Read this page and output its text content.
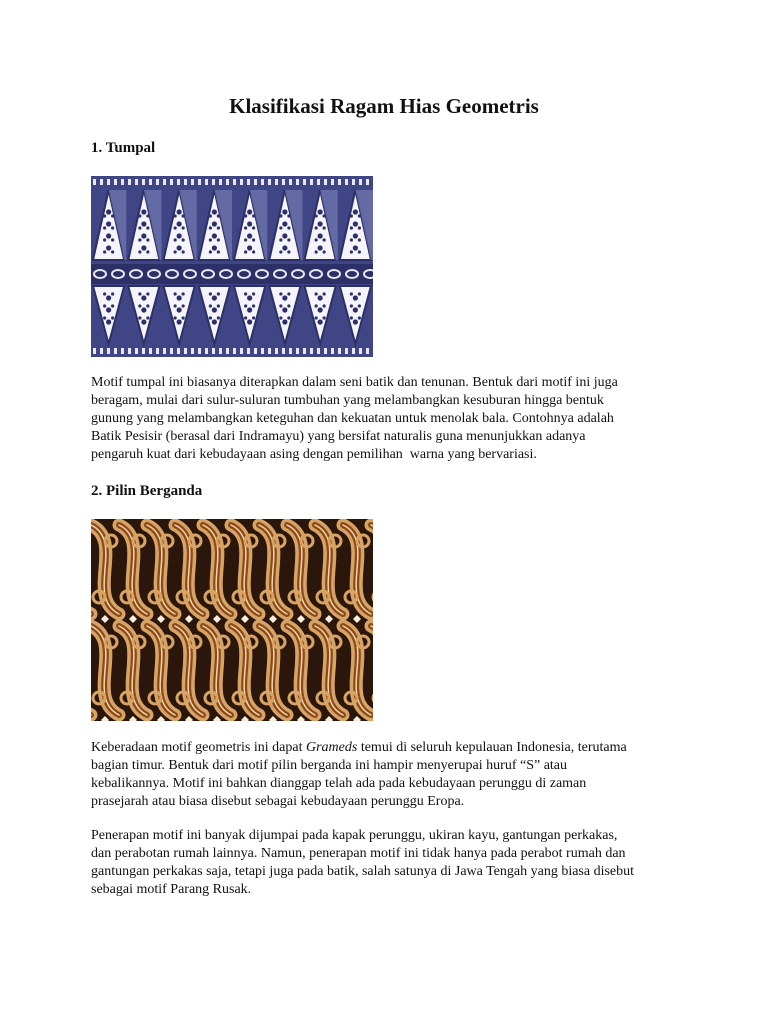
Klasifikasi Ragam Hias Geometris
1. Tumpal
Motif tumpal ini biasanya diterapkan dalam seni batik dan tenunan. Bentuk dari motif ini juga
beragam, mulai dari sulur-suluran tumbuhan yang melambangkan kesuburan hingga bentuk
gunung yang melambangkan keteguhan dan kekuatan untuk menolak bala. Contohnya adalah
Batik Pesisir (berasal dari Indramayu) yang bersifat naturalis guna menunjukkan adanya
pengaruh kuat dari kebudayaan asing dengan pemilihan  warna yang bervariasi.
2. Pilin Berganda
Keberadaan motif geometris ini dapat Grameds temui di seluruh kepulauan Indonesia, terutama
bagian timur. Bentuk dari motif pilin berganda ini hampir menyerupai huruf “S” atau
kebalikannya. Motif ini bahkan dianggap telah ada pada kebudayaan perunggu di zaman
prasejarah atau biasa disebut sebagai kebudayaan perunggu Eropa.
Penerapan motif ini banyak dijumpai pada kapak perunggu, ukiran kayu, gantungan perkakas,
dan perabotan rumah lainnya. Namun, penerapan motif ini tidak hanya pada perabot rumah dan
gantungan perkakas saja, tetapi juga pada batik, salah satunya di Jawa Tengah yang biasa disebut
sebagai motif Parang Rusak.
